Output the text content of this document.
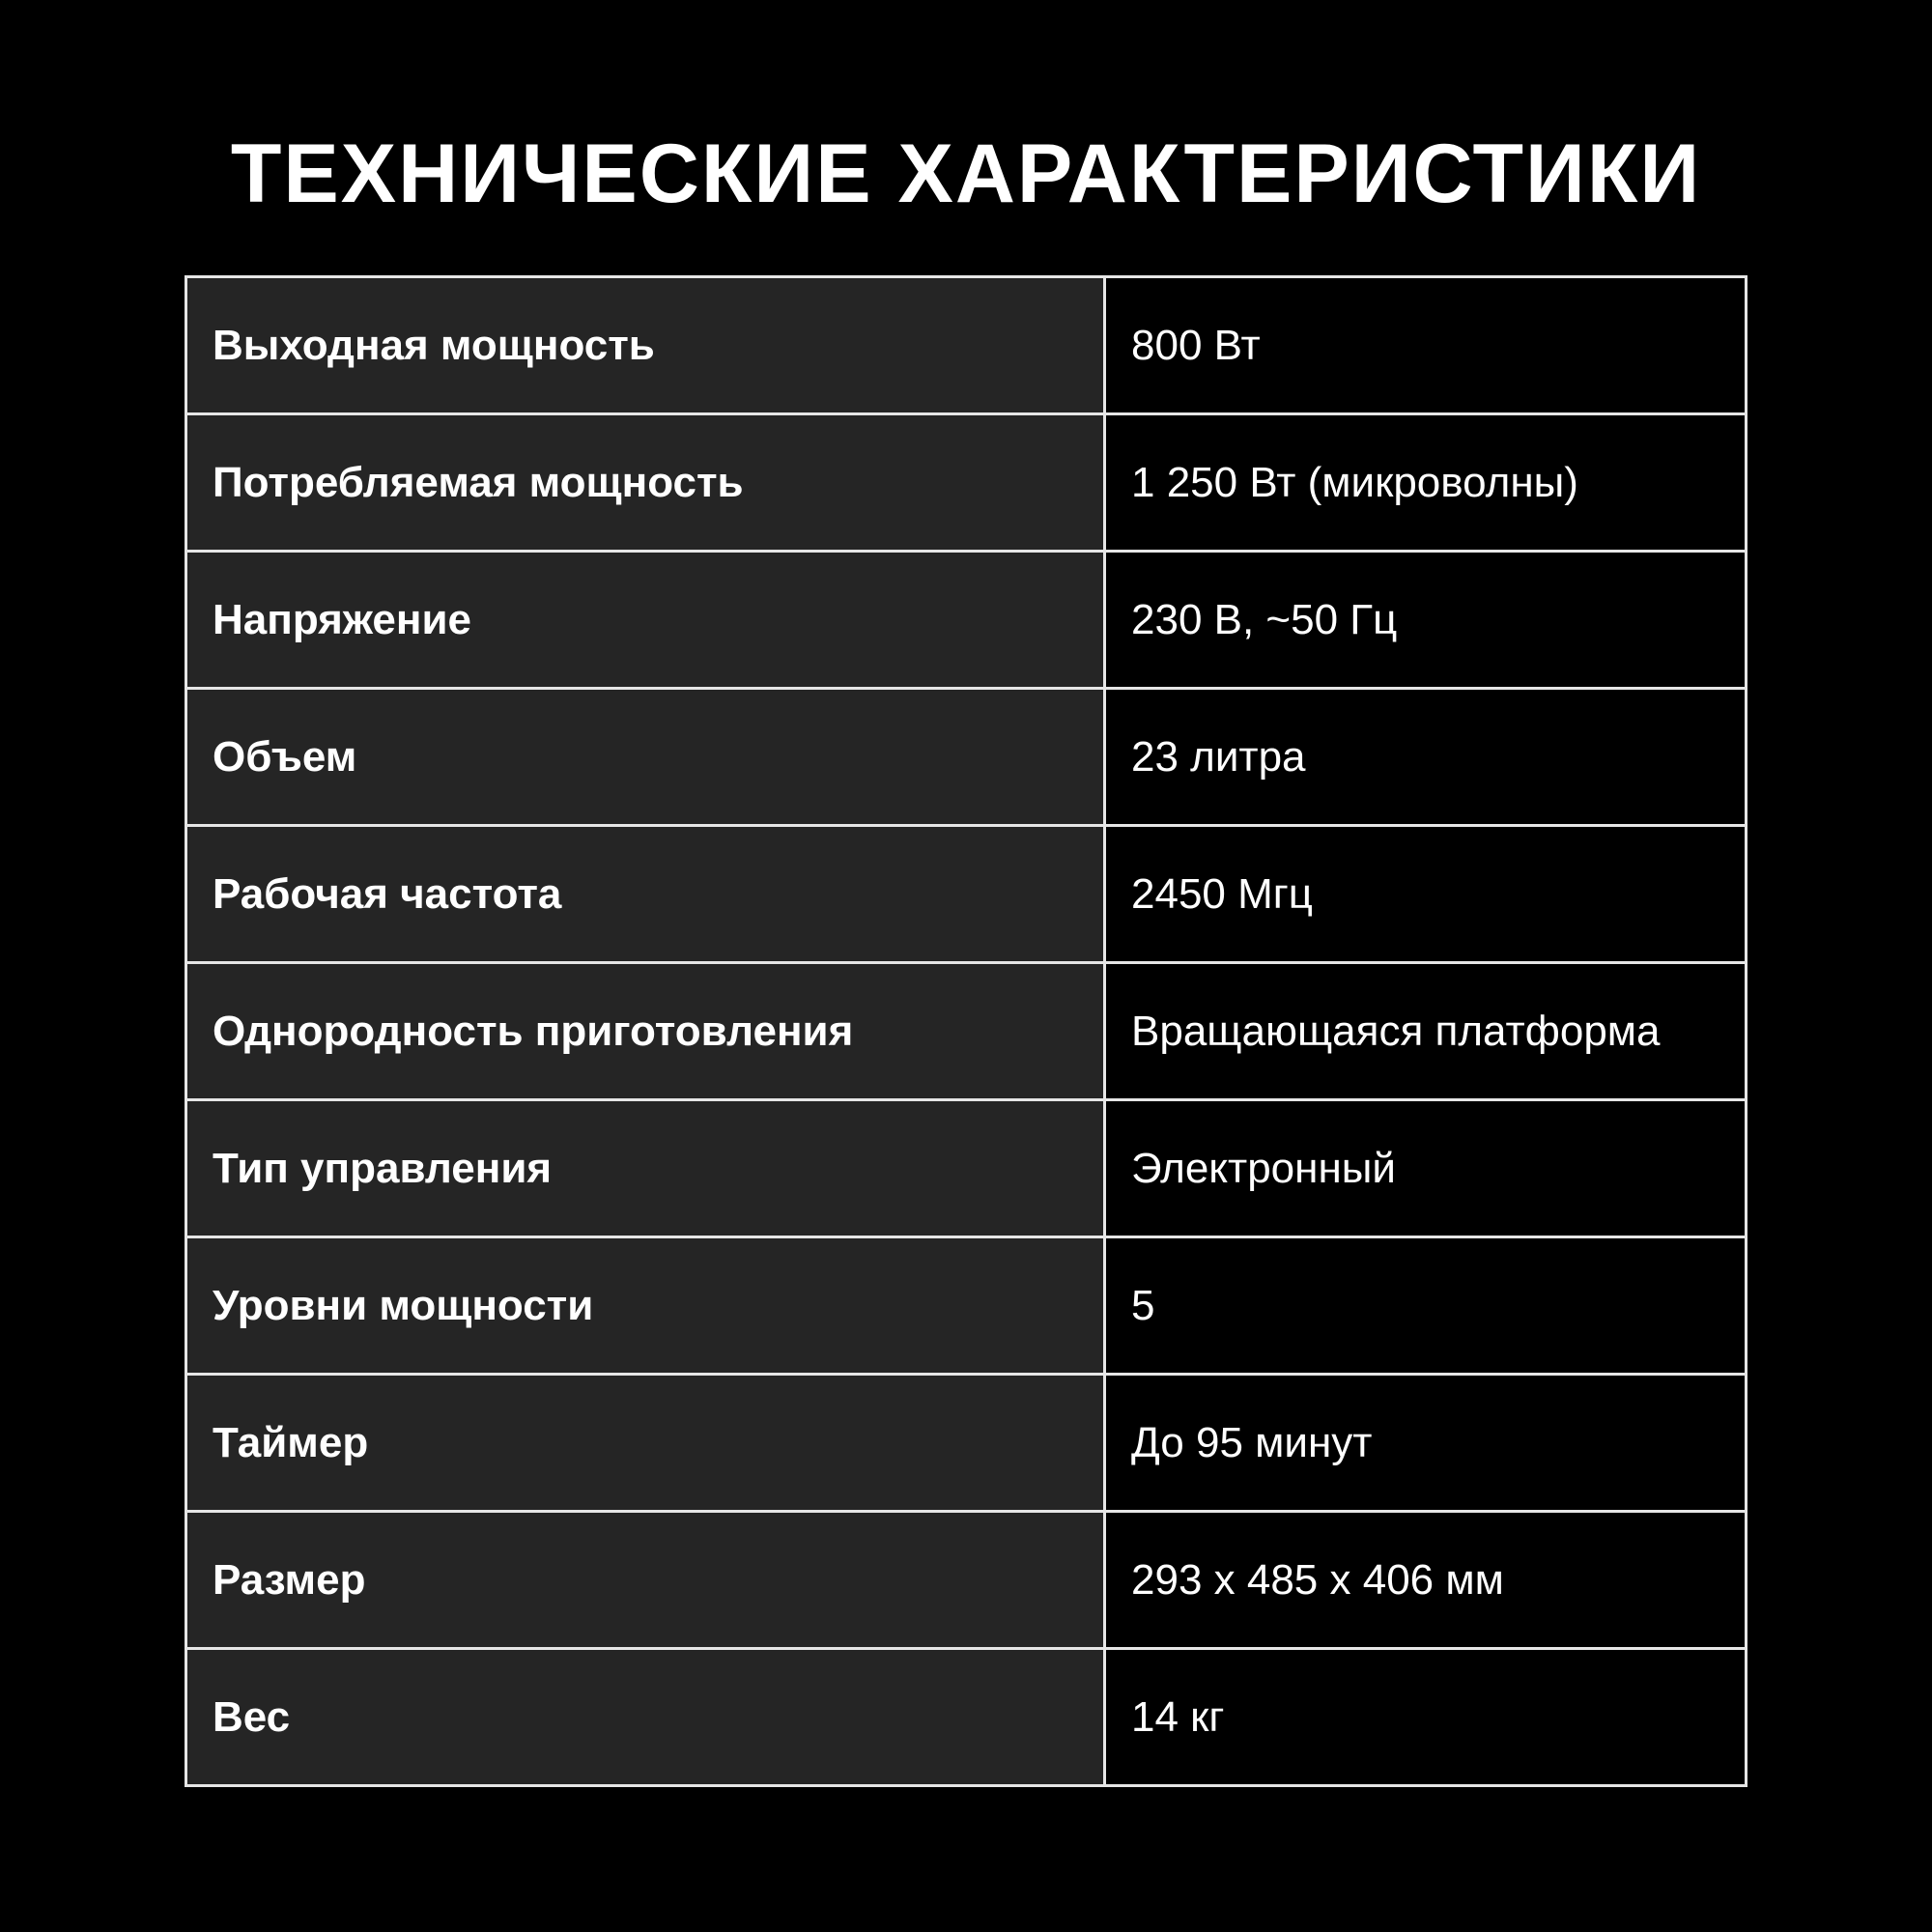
ТЕХНИЧЕСКИЕ ХАРАКТЕРИСТИКИ
Выходная мощность	800 Вт
Потребляемая мощность	1 250 Вт (микроволны)
Напряжение	230 В, ~50 Гц
Объем	23 литра
Рабочая частота	2450 Мгц
Однородность приготовления	Вращающаяся платформа
Тип управления	Электронный
Уровни мощности	5
Таймер	До 95 минут
Размер	293 х 485 х 406 мм
Вес	14 кг
